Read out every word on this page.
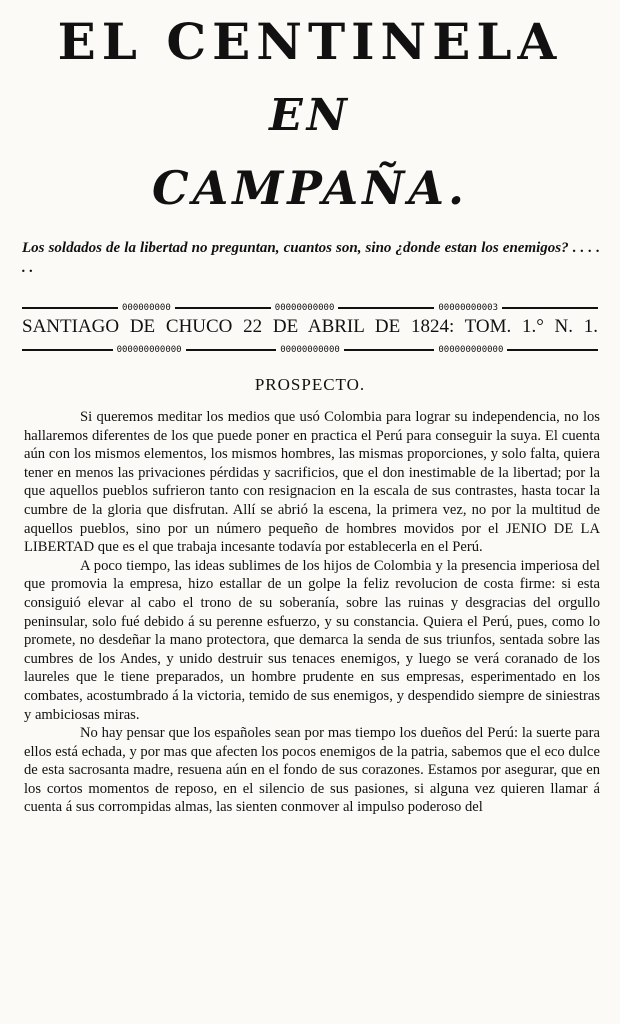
EL CENTINELA
EN
CAMPAÑA.
Los soldados de la libertad no preguntan, cuantos son, sino ¿donde estan los enemigos? . . . . . .
000000000	00000000000	00000000003
SANTIAGO DE CHUCO 22 DE ABRIL DE 1824: TOM. 1.° N. 1.
000000000000	00000000000	000000000000
PROSPECTO.

Si queremos meditar los medios que usó Colombia para lograr su independencia, no los hallaremos diferentes de los que puede poner en practica el Perú para conseguir la suya. El cuenta aún con los mismos elementos, los mismos hombres, las mismas proporciones, y solo falta, quiera tener en menos las privaciones pérdidas y sacrificios, que el don inestimable de la libertad; por la que aquellos pueblos sufrieron tanto con resignacion en la escala de sus contrastes, hasta tocar la cumbre de la gloria que disfrutan. Allí se abrió la escena, la primera vez, no por la multitud de aquellos pueblos, sino por un número pequeño de hombres movidos por el JENIO DE LA LIBERTAD que es el que trabaja incesante todavía por establecerla en el Perú.

A poco tiempo, las ideas sublimes de los hijos de Colombia y la presencia imperiosa del que promovia la empresa, hizo estallar de un golpe la feliz revolucion de costa firme: si esta consiguió elevar al cabo el trono de su soberanía, sobre las ruinas y desgracias del orgullo peninsular, solo fué debido á su perenne esfuerzo, y su constancia. Quiera el Perú, pues, como lo promete, no desdeñar la mano protectora, que demarca la senda de sus triunfos, sentada sobre las cumbres de los Andes, y unido destruir sus tenaces enemigos, y luego se verá coranado de los laureles que le tiene preparados, un hombre prudente en sus empresas, esperimentado en los combates, acostumbrado á la victoria, temido de sus enemigos, y despendido siempre de siniestras y ambiciosas miras.

No hay pensar que los españoles sean por mas tiempo los dueños del Perú: la suerte para ellos está echada, y por mas que afecten los pocos enemigos de la patria, sabemos que el eco dulce de esta sacrosanta madre, resuena aún en el fondo de sus corazones. Estamos por asegurar, que en los cortos momentos de reposo, en el silencio de sus pasiones, si alguna vez quieren llamar á cuenta á sus corrompidas almas, las sienten conmover al impulso poderoso del
